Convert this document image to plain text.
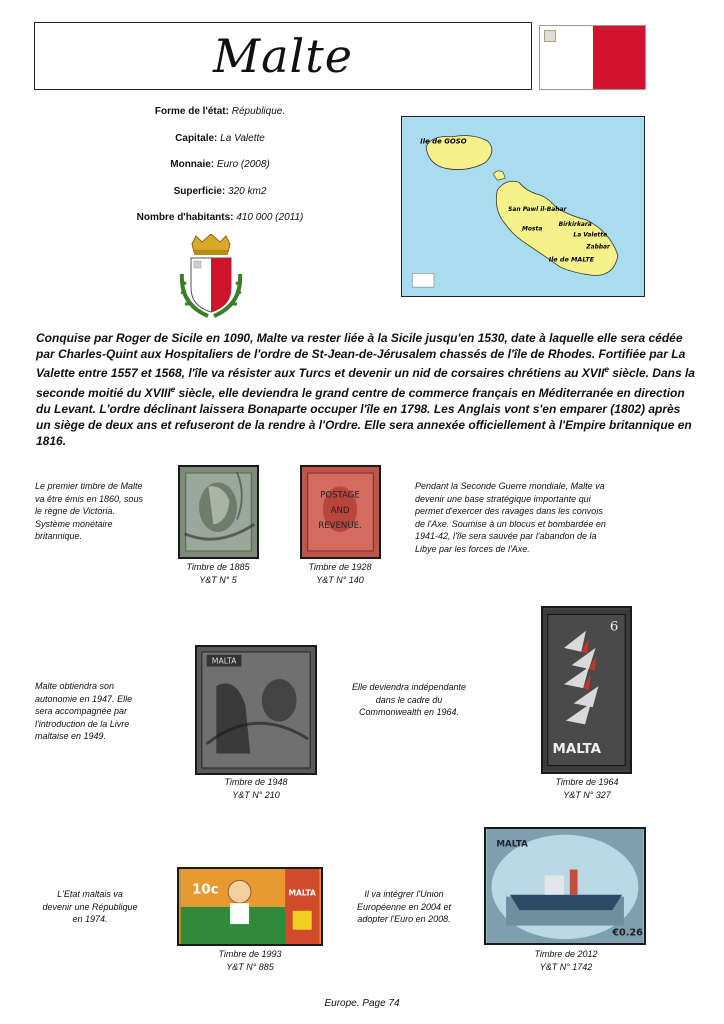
Malte

Forme de l'état: République.

Capitale: La Valette

Monnaie: Euro (2008)

Superficie: 320 km2

Nombre d'habitants: 410 000 (2011)

Ile de GOSO
San Pawl il-Bahar
Birkirkara
Mosta
La Valette
Zabbar
Ile de MALTE
Conquise par Roger de Sicile en 1090, Malte va rester liée à la Sicile jusqu'en 1530, date à laquelle elle sera cédée par Charles-Quint aux Hospitaliers de l'ordre de St-Jean-de-Jérusalem chassés de l'île de Rhodes. Fortifiée par La Valette entre 1557 et 1568, l'île va résister aux Turcs et devenir un nid de corsaires chrétiens au XVIIe siècle. Dans la seconde moitié du XVIIIe siècle, elle deviendra le grand centre de commerce français en Méditerranée en direction du Levant. L'ordre déclinant laissera Bonaparte occuper l'île en 1798. Les Anglais vont s'en emparer (1802) après un siège de deux ans et refuseront de la rendre à l'Ordre. Elle sera annexée officiellement à l'Empire britannique en 1816.
Le premier timbre de Malte va être émis en 1860, sous le règne de Victoria. Système monétaire britannique.
Timbre de 1885
Y&T N° 5
POSTAGE
AND
REVENUE.
Timbre de 1928
Y&T N° 140
Pendant la Seconde Guerre mondiale, Malte va devenir une base stratégique importante qui permet d'exercer des ravages dans les convois de l'Axe. Soumise à un blocus et bombardée en 1941-42, l'île sera sauvée par l'abandon de la Libye par les forces de l'Axe.
Malte obtiendra son autonomie en 1947. Elle sera accompagnée par l'introduction de la Livre maltaise en 1949.
MALTA
Timbre de 1948
Y&T N° 210
Elle deviendra indépendante dans le cadre du Commonwealth en 1964.
6
MALTA
Timbre de 1964
Y&T N° 327
L'Etat maltais va devenir une République en 1974.
10c	MALTA
Timbre de 1993
Y&T N° 885
Il va intégrer l'Union Européenne en 2004 et adopter l'Euro en 2008.
MALTA
€0.26
Timbre de 2012
Y&T N° 1742
Europe. Page 74
